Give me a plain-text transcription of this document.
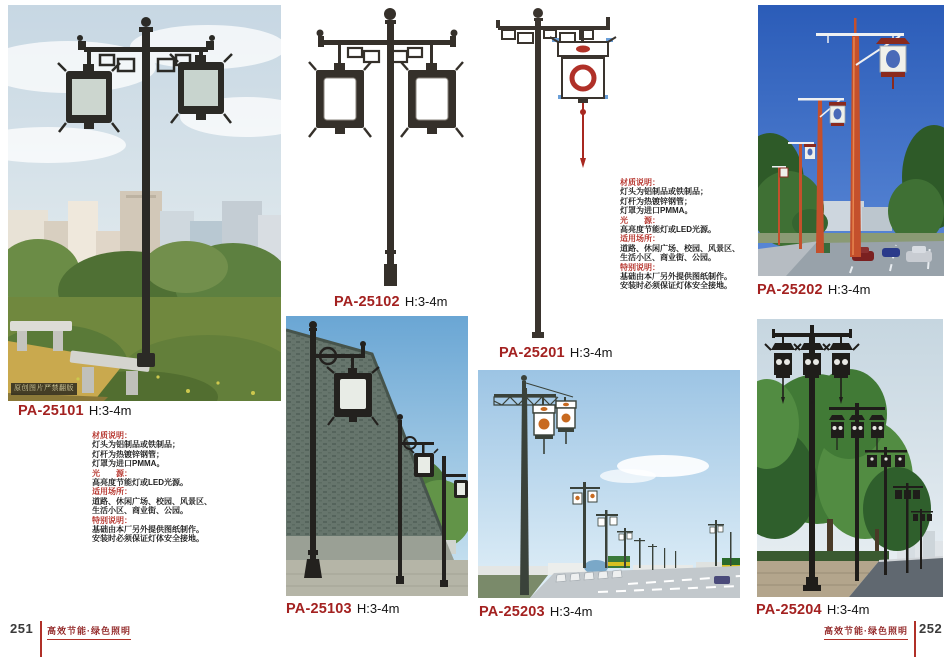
原创图片严禁翻版
PA-25101 H:3-4m
PA-25102 H:3-4m
PA-25201 H:3-4m
PA-25202 H:3-4m
PA-25103 H:3-4m	PA-25203 H:3-4m	PA-25204 H:3-4m
材质说明：
灯头为铝制品或铁制品；
灯杆为热镀锌钢管；
灯罩为进口PMMA。
光　　源：
高亮度节能灯或LED光源。
适用场所：
道路、休闲广场、校园、风景区、
生活小区、商业街、公园。
特别说明：
基础由本厂另外提供图纸制作。
安装时必须保证灯体安全接地。
材质说明：
灯头为铝制品或铁制品；
灯杆为热镀锌钢管；
灯罩为进口PMMA。
光　　源：
高亮度节能灯或LED光源。
适用场所：
道路、休闲广场、校园、风景区、
生活小区、商业街、公园。
特别说明：
基础由本厂另外提供图纸制作。
安装时必须保证灯体安全接地。
251 高效节能·绿色照明	高效节能·绿色照明 252
